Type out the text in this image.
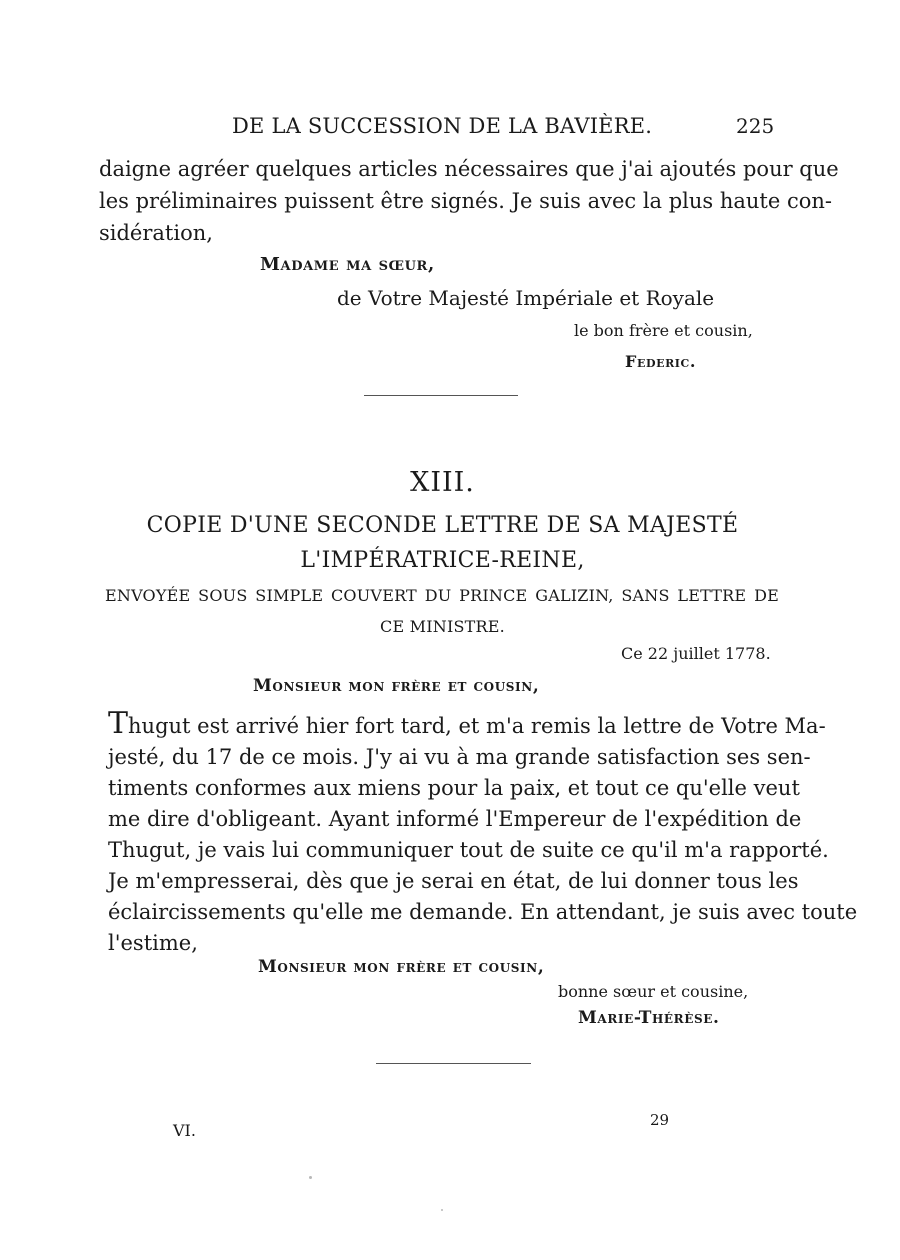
DE LA SUCCESSION DE LA BAVIÈRE.	225
daigne agréer quelques articles nécessaires que j'ai ajoutés pour que
les préliminaires puissent être signés. Je suis avec la plus haute con-
sidération,
Madame ma sœur,
de Votre Majesté Impériale et Royale
le bon frère et cousin,
Federic.
XIII.
COPIE D'UNE SECONDE LETTRE DE SA MAJESTÉ
L'IMPÉRATRICE-REINE,
ENVOYÉE SOUS SIMPLE COUVERT DU PRINCE GALIZIN, SANS LETTRE DE
CE MINISTRE.
Ce 22 juillet 1778.
Monsieur mon frère et cousin,
Thugut est arrivé hier fort tard, et m'a remis la lettre de Votre Ma-
jesté, du 17 de ce mois. J'y ai vu à ma grande satisfaction ses sen-
timents conformes aux miens pour la paix, et tout ce qu'elle veut
me dire d'obligeant. Ayant informé l'Empereur de l'expédition de
Thugut, je vais lui communiquer tout de suite ce qu'il m'a rapporté.
Je m'empresserai, dès que je serai en état, de lui donner tous les
éclaircissements qu'elle me demande. En attendant, je suis avec toute
l'estime,
Monsieur mon frère et cousin,
bonne sœur et cousine,
Marie-Thérèse.
VI.
29
